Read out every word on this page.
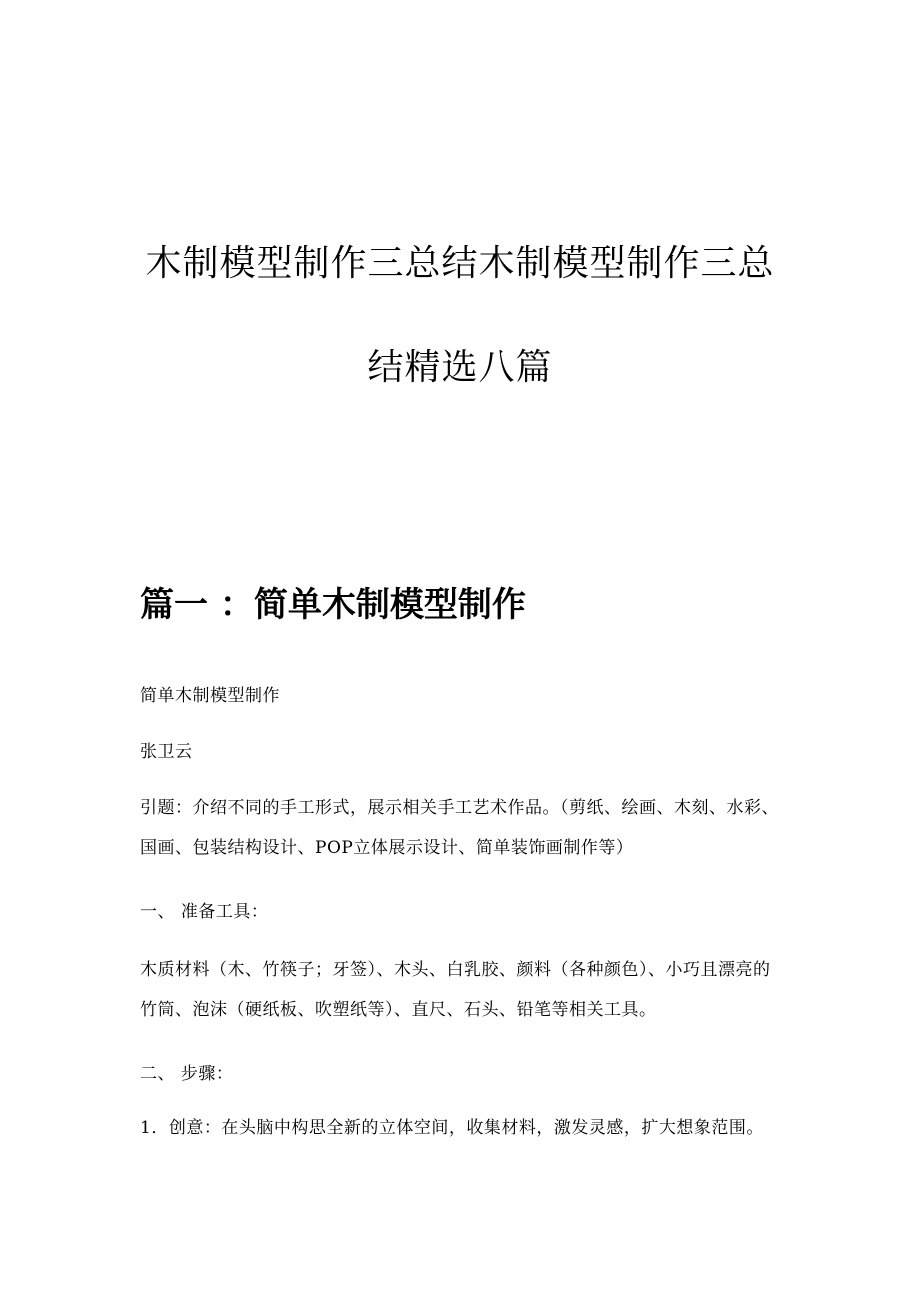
木制模型制作三总结木制模型制作三总
结精选八篇
篇一 ：简单木制模型制作

简单木制模型制作

张卫云

引题：介绍不同的手工形式，展示相关手工艺术作品。（剪纸、绘画、木刻、水彩、国画、包装结构设计、POP立体展示设计、简单装饰画制作等）

一、 准备工具：

木质材料（木、竹筷子；牙签）、木头、白乳胶、颜料（各种颜色）、小巧且漂亮的竹筒、泡沫（硬纸板、吹塑纸等）、直尺、石头、铅笔等相关工具。

二、 步骤：

1．创意：在头脑中构思全新的立体空间，收集材料，激发灵感，扩大想象范围。
